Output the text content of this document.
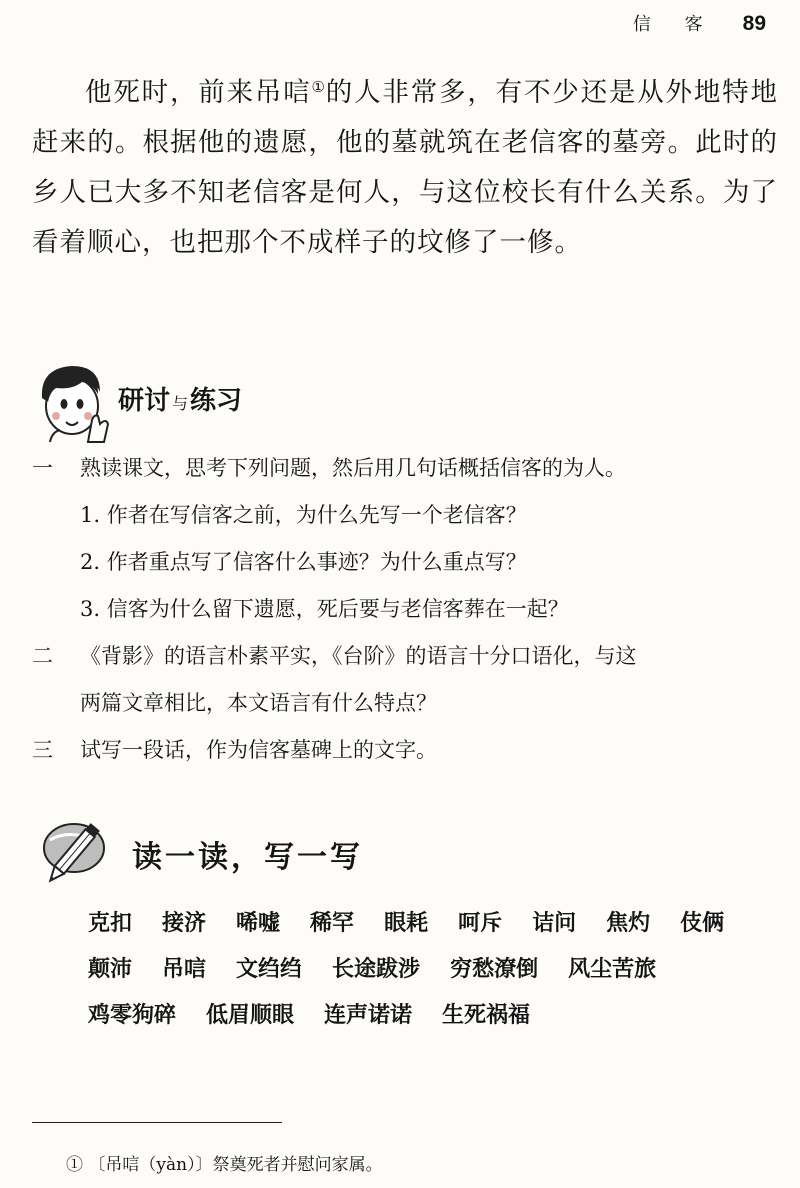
信 客 89

他死时，前来吊唁①的人非常多，有不少还是从外地特地赶来的。根据他的遗愿，他的墓就筑在老信客的墓旁。此时的乡人已大多不知老信客是何人，与这位校长有什么关系。为了看着顺心，也把那个不成样子的坟修了一修。

研讨 与 练习
一 熟读课文，思考下列问题，然后用几句话概括信客的为人。
1. 作者在写信客之前，为什么先写一个老信客？
2. 作者重点写了信客什么事迹？为什么重点写？
3. 信客为什么留下遗愿，死后要与老信客葬在一起？
二 《背影》的语言朴素平实，《台阶》的语言十分口语化，与这
两篇文章相比，本文语言有什么特点？
三 试写一段话，作为信客墓碑上的文字。
读一读，写一写
克扣 接济 唏嘘 稀罕 眼耗 呵斥 诘问 焦灼 伎俩
颠沛 吊唁 文绉绉 长途跋涉 穷愁潦倒 风尘苦旅
鸡零狗碎 低眉顺眼 连声诺诺 生死祸福
① 〔吊唁（yàn）〕祭奠死者并慰问家属。
